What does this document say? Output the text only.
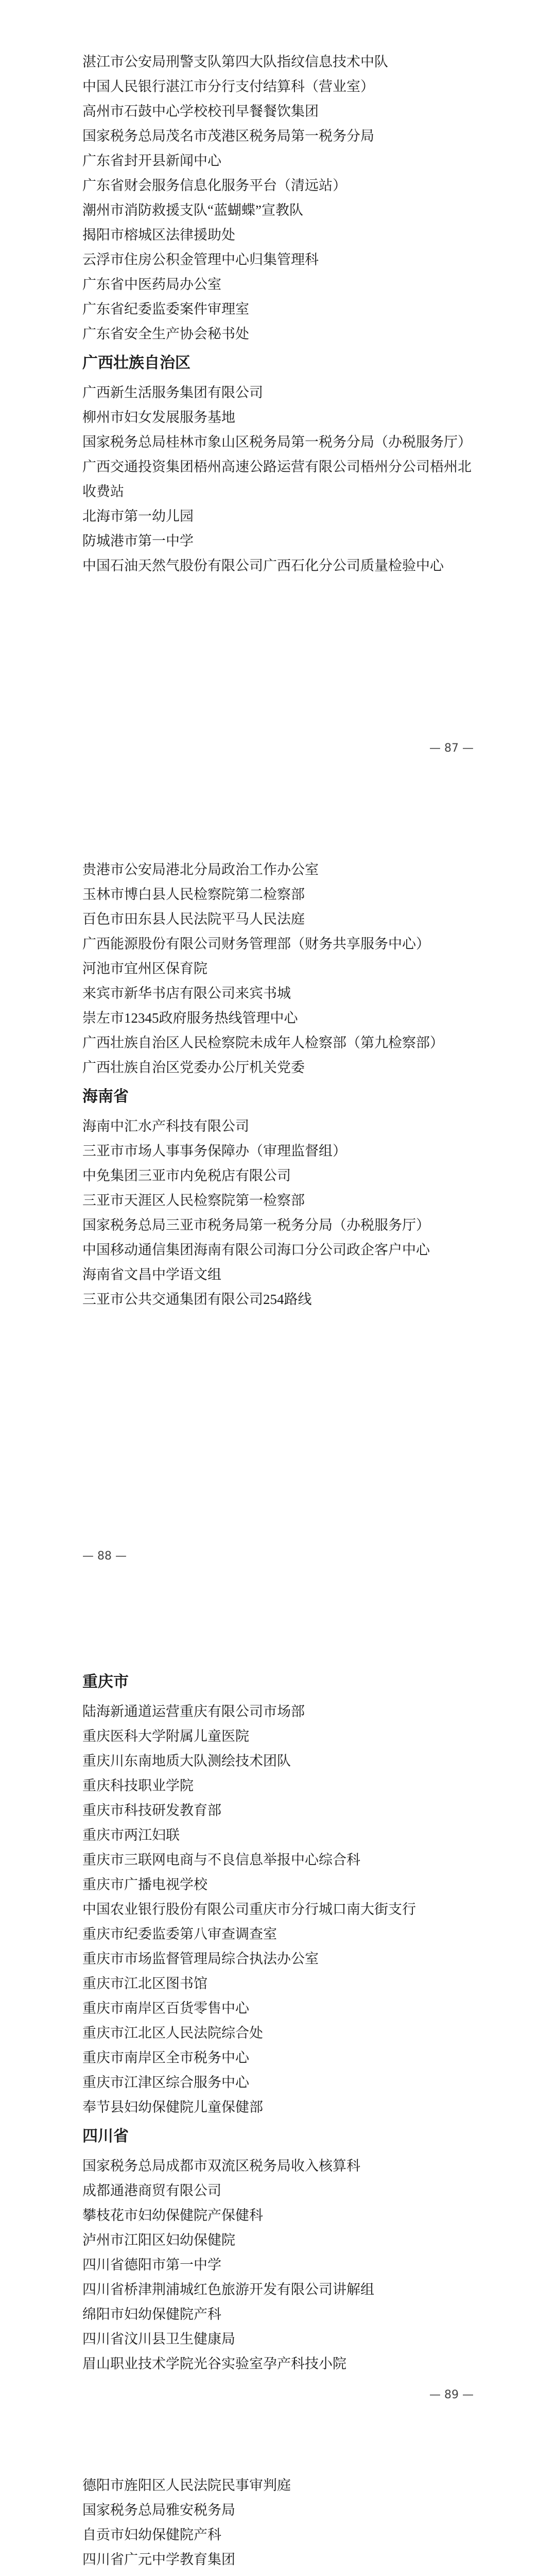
湛江市公安局刑警支队第四大队指纹信息技术中队
中国人民银行湛江市分行支付结算科（营业室）
高州市石鼓中心学校校刊早餐餐饮集团
国家税务总局茂名市茂港区税务局第一税务分局
广东省封开县新闻中心
广东省财会服务信息化服务平台（清远站）
潮州市消防救援支队“蓝蝴蝶”宣教队
揭阳市榕城区法律援助处
云浮市住房公积金管理中心归集管理科
广东省中医药局办公室
广东省纪委监委案件审理室
广东省安全生产协会秘书处
广西壮族自治区
广西新生活服务集团有限公司
柳州市妇女发展服务基地
国家税务总局桂林市象山区税务局第一税务分局（办税服务厅）
广西交通投资集团梧州高速公路运营有限公司梧州分公司梧州北收费站
北海市第一幼儿园
防城港市第一中学
中国石油天然气股份有限公司广西石化分公司质量检验中心
— 87 —
贵港市公安局港北分局政治工作办公室
玉林市博白县人民检察院第二检察部
百色市田东县人民法院平马人民法庭
广西能源股份有限公司财务管理部（财务共享服务中心）
河池市宜州区保育院
来宾市新华书店有限公司来宾书城
崇左市12345政府服务热线管理中心
广西壮族自治区人民检察院未成年人检察部（第九检察部）
广西壮族自治区党委办公厅机关党委
海南省
海南中汇水产科技有限公司
三亚市市场人事事务保障办（审理监督组）
中免集团三亚市内免税店有限公司
三亚市天涯区人民检察院第一检察部
国家税务总局三亚市税务局第一税务分局（办税服务厅）
中国移动通信集团海南有限公司海口分公司政企客户中心
海南省文昌中学语文组
三亚市公共交通集团有限公司254路线
— 88 —
重庆市
陆海新通道运营重庆有限公司市场部
重庆医科大学附属儿童医院
重庆川东南地质大队测绘技术团队
重庆科技职业学院
重庆市科技研发教育部
重庆市两江妇联
重庆市三联网电商与不良信息举报中心综合科
重庆市广播电视学校
中国农业银行股份有限公司重庆市分行城口南大街支行
重庆市纪委监委第八审查调查室
重庆市市场监督管理局综合执法办公室
重庆市江北区图书馆
重庆市南岸区百货零售中心
重庆市江北区人民法院综合处
重庆市南岸区全市税务中心
重庆市江津区综合服务中心
奉节县妇幼保健院儿童保健部
四川省
国家税务总局成都市双流区税务局收入核算科
成都通港商贸有限公司
攀枝花市妇幼保健院产保健科
泸州市江阳区妇幼保健院
四川省德阳市第一中学
四川省桥津荆浦城红色旅游开发有限公司讲解组
绵阳市妇幼保健院产科
四川省汶川县卫生健康局
眉山职业技术学院光谷实验室孕产科技小院
— 89 —
德阳市旌阳区人民法院民事审判庭
国家税务总局雅安税务局
自贡市妇幼保健院产科
四川省广元中学教育集团
